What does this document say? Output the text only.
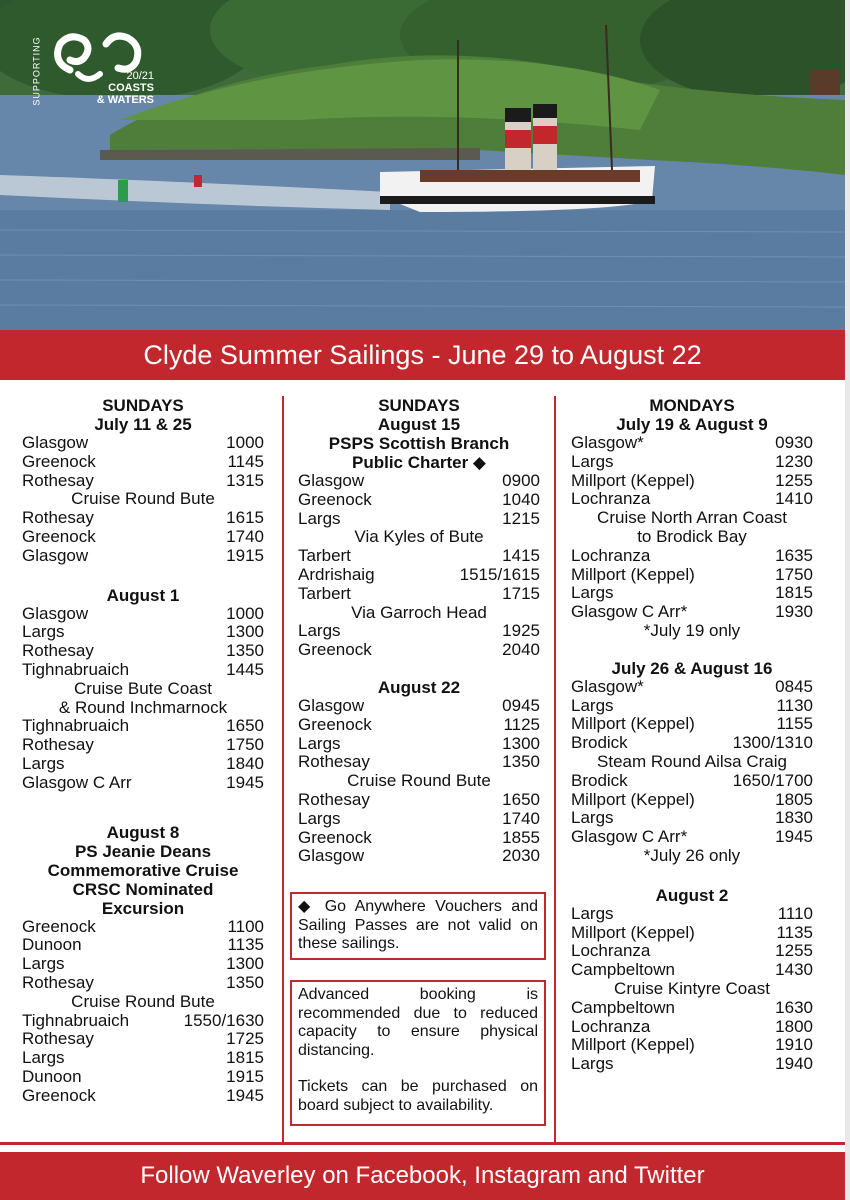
SUPPORTING	20/21
COASTS
& WATERS
Clyde Summer Sailings - June 29 to August 22
SUNDAYS
July 11 & 25
Glasgow	1000
Greenock	1145
Rothesay	1315
Cruise Round Bute
Rothesay	1615
Greenock	1740
Glasgow	1915
August 1
Glasgow	1000
Largs	1300
Rothesay	1350
Tighnabruaich	1445
Cruise Bute Coast
& Round Inchmarnock
Tighnabruaich	1650
Rothesay	1750
Largs	1840
Glasgow C Arr	1945
August 8
PS Jeanie Deans
Commemorative Cruise
CRSC Nominated
Excursion
Greenock	1100
Dunoon	1135
Largs	1300
Rothesay	1350
Cruise Round Bute
Tighnabruaich	1550/1630
Rothesay	1725
Largs	1815
Dunoon	1915
Greenock	1945
SUNDAYS
August 15
PSPS Scottish Branch
Public Charter ◆
Glasgow	0900
Greenock	1040
Largs	1215
Via Kyles of Bute
Tarbert	1415
Ardrishaig	1515/1615
Tarbert	1715
Via Garroch Head
Largs	1925
Greenock	2040
August 22
Glasgow	0945
Greenock	1125
Largs	1300
Rothesay	1350
Cruise Round Bute
Rothesay	1650
Largs	1740
Greenock	1855
Glasgow	2030
MONDAYS
July 19 & August 9
Glasgow*	0930
Largs	1230
Millport (Keppel)	1255
Lochranza	1410
Cruise North Arran Coast
to Brodick Bay
Lochranza	1635
Millport (Keppel)	1750
Largs	1815
Glasgow C Arr*	1930
*July 19 only
July 26 & August 16
Glasgow*	0845
Largs	1130
Millport (Keppel)	1155
Brodick	1300/1310
Steam Round Ailsa Craig
Brodick	1650/1700
Millport (Keppel)	1805
Largs	1830
Glasgow C Arr*	1945
*July 26 only
August 2
Largs	1110
Millport (Keppel)	1135
Lochranza	1255
Campbeltown	1430
Cruise Kintyre Coast
Campbeltown	1630
Lochranza	1800
Millport (Keppel)	1910
Largs	1940

◆ Go Anywhere Vouchers and Sailing Passes are not valid on these sailings.

Advanced booking is recommended due to reduced capacity to ensure physical distancing.

Tickets can be purchased on board subject to availability.

Follow Waverley on Facebook, Instagram and Twitter
